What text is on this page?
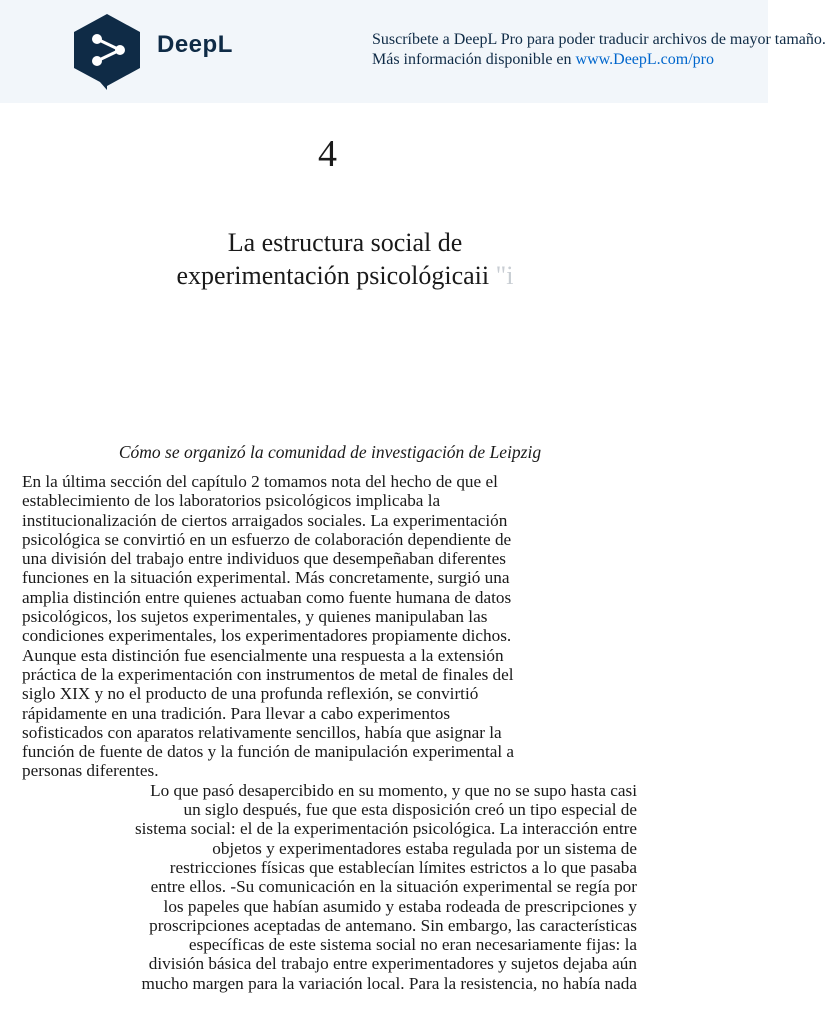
DeepL	Suscríbete a DeepL Pro para poder traducir archivos de mayor tamaño.
Más información disponible en www.DeepL.com/pro
4
La estructura social de
experimentación psicológicaii "i
Cómo se organizó la comunidad de investigación de Leipzig

En la última sección del capítulo 2 tomamos nota del hecho de que el

establecimiento de los laboratorios psicológicos implicaba la

institucionalización de ciertos arraigados sociales. La experimentación

psicológica se convirtió en un esfuerzo de colaboración dependiente de

una división del trabajo entre individuos que desempeñaban diferentes

funciones en la situación experimental. Más concretamente, surgió una

amplia distinción entre quienes actuaban como fuente humana de datos

psicológicos, los sujetos experimentales, y quienes manipulaban las

condiciones experimentales, los experimentadores propiamente dichos.

Aunque esta distinción fue esencialmente una respuesta a la extensión

práctica de la experimentación con instrumentos de metal de finales del

siglo XIX y no el producto de una profunda reflexión, se convirtió

rápidamente en una tradición. Para llevar a cabo experimentos

sofisticados con aparatos relativamente sencillos, había que asignar la

función de fuente de datos y la función de manipulación experimental a

personas diferentes.

Lo que pasó desapercibido en su momento, y que no se supo hasta casi

un siglo después, fue que esta disposición creó un tipo especial de

sistema social: el de la experimentación psicológica. La interacción entre

objetos y experimentadores estaba regulada por un sistema de

restricciones físicas que establecían límites estrictos a lo que pasaba

entre ellos. -Su comunicación en la situación experimental se regía por

los papeles que habían asumido y estaba rodeada de prescripciones y

proscripciones aceptadas de antemano. Sin embargo, las características

específicas de este sistema social no eran necesariamente fijas: la

división básica del trabajo entre experimentadores y sujetos dejaba aún

mucho margen para la variación local. Para la resistencia, no había nada
